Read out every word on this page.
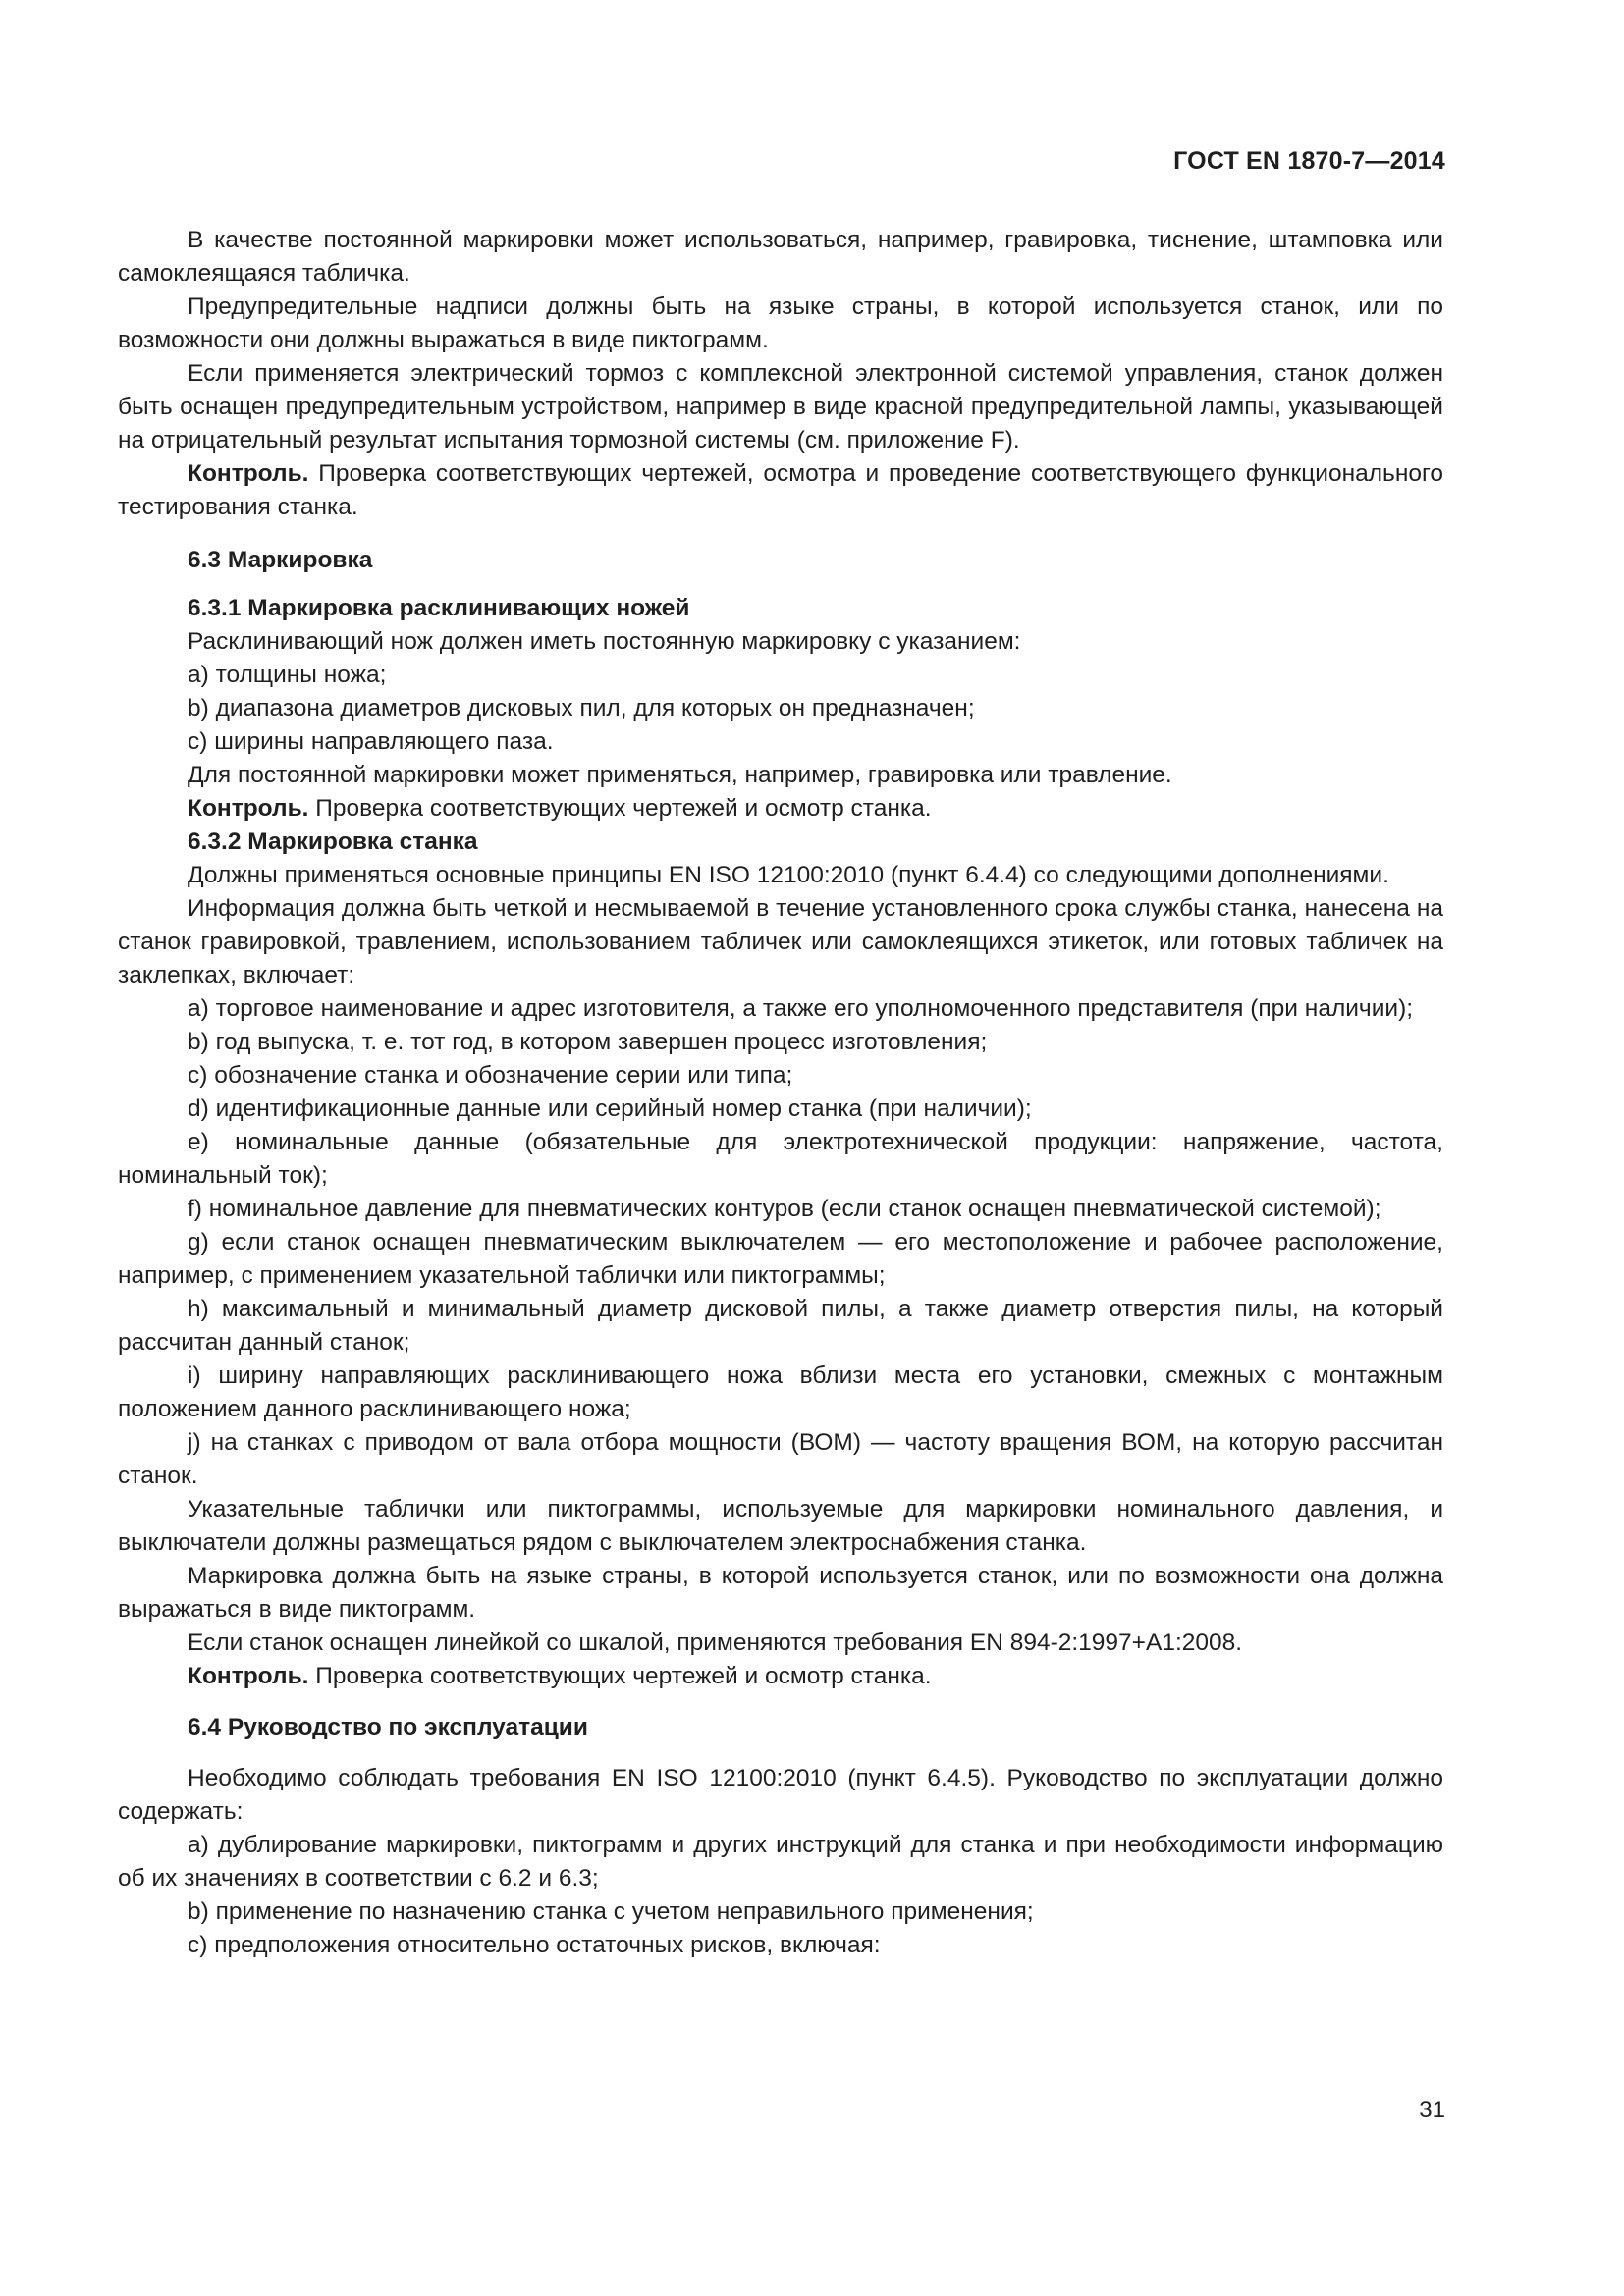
ГОСТ EN 1870-7—2014

В качестве постоянной маркировки может использоваться, например, гравировка, тиснение, штамповка или самоклеящаяся табличка.

Предупредительные надписи должны быть на языке страны, в которой используется станок, или по возможности они должны выражаться в виде пиктограмм.

Если применяется электрический тормоз с комплексной электронной системой управления, станок должен быть оснащен предупредительным устройством, например в виде красной предупредительной лампы, указывающей на отрицательный результат испытания тормозной системы (см. приложение F).

Контроль. Проверка соответствующих чертежей, осмотра и проведение соответствующего функционального тестирования станка.

6.3 Маркировка

6.3.1 Маркировка расклинивающих ножей

Расклинивающий нож должен иметь постоянную маркировку с указанием:

a) толщины ножа;

b) диапазона диаметров дисковых пил, для которых он предназначен;

c) ширины направляющего паза.

Для постоянной маркировки может применяться, например, гравировка или травление.

Контроль. Проверка соответствующих чертежей и осмотр станка.

6.3.2 Маркировка станка

Должны применяться основные принципы EN ISO 12100:2010 (пункт 6.4.4) со следующими дополнениями.

Информация должна быть четкой и несмываемой в течение установленного срока службы станка, нанесена на станок гравировкой, травлением, использованием табличек или самоклеящихся этикеток, или готовых табличек на заклепках, включает:

a) торговое наименование и адрес изготовителя, а также его уполномоченного представителя (при наличии);

b) год выпуска, т. е. тот год, в котором завершен процесс изготовления;

c) обозначение станка и обозначение серии или типа;

d) идентификационные данные или серийный номер станка (при наличии);

e) номинальные данные (обязательные для электротехнической продукции: напряжение, частота, номинальный ток);

f) номинальное давление для пневматических контуров (если станок оснащен пневматической системой);

g) если станок оснащен пневматическим выключателем — его местоположение и рабочее расположение, например, с применением указательной таблички или пиктограммы;

h) максимальный и минимальный диаметр дисковой пилы, а также диаметр отверстия пилы, на который рассчитан данный станок;

i) ширину направляющих расклинивающего ножа вблизи места его установки, смежных с монтажным положением данного расклинивающего ножа;

j) на станках с приводом от вала отбора мощности (ВОМ) — частоту вращения ВОМ, на которую рассчитан станок.

Указательные таблички или пиктограммы, используемые для маркировки номинального давления, и выключатели должны размещаться рядом с выключателем электроснабжения станка.

Маркировка должна быть на языке страны, в которой используется станок, или по возможности она должна выражаться в виде пиктограмм.

Если станок оснащен линейкой со шкалой, применяются требования EN 894-2:1997+A1:2008.

Контроль. Проверка соответствующих чертежей и осмотр станка.

6.4 Руководство по эксплуатации

Необходимо соблюдать требования EN ISO 12100:2010 (пункт 6.4.5). Руководство по эксплуатации должно содержать:

a) дублирование маркировки, пиктограмм и других инструкций для станка и при необходимости информацию об их значениях в соответствии с 6.2 и 6.3;

b) применение по назначению станка с учетом неправильного применения;

c) предположения относительно остаточных рисков, включая:

31
